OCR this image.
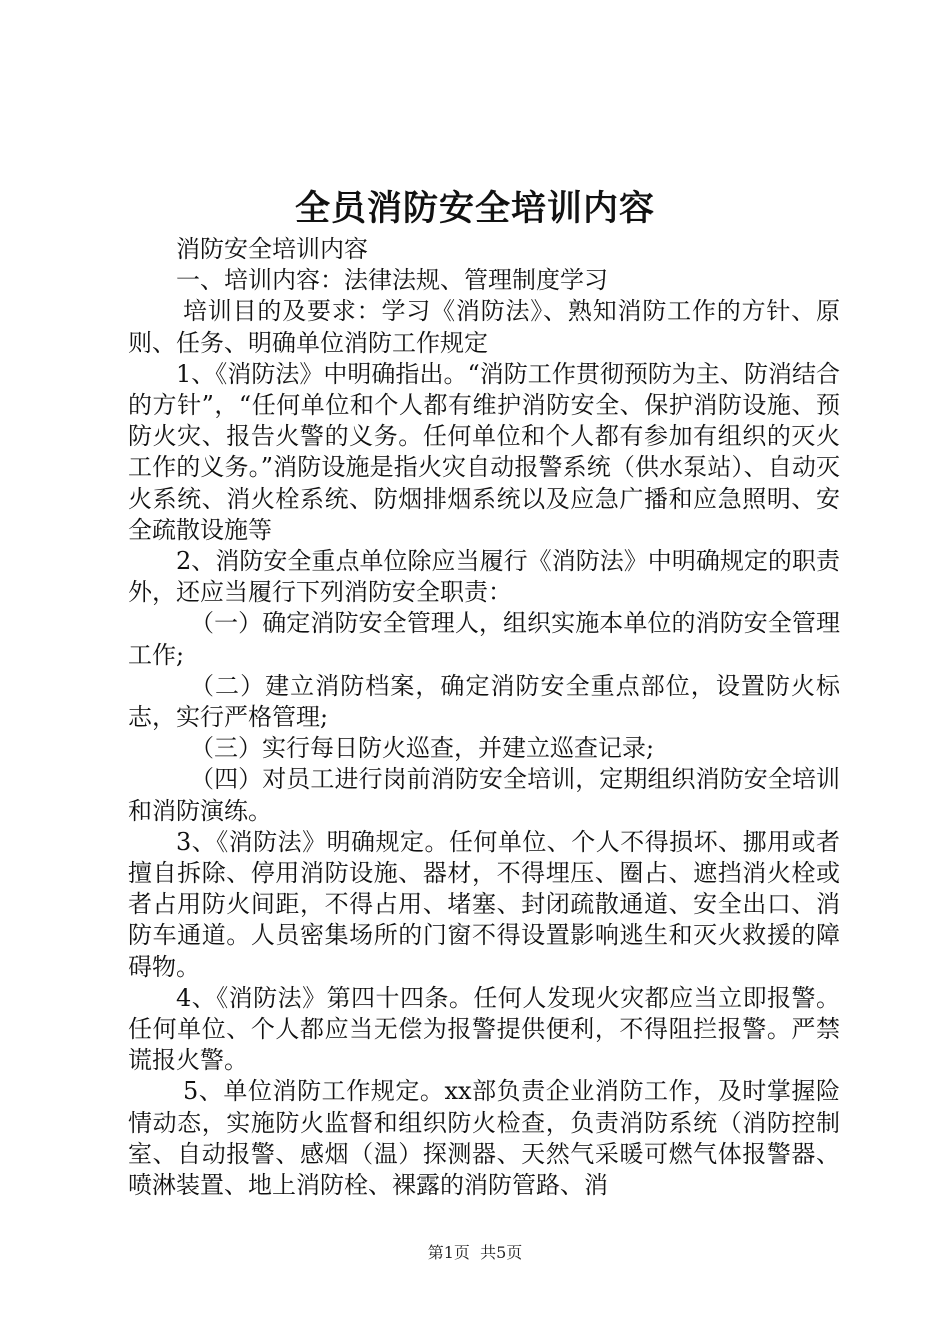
全员消防安全培训内容

消防安全培训内容

一、培训内容：法律法规、管理制度学习

培训目的及要求：学习《消防法》、熟知消防工作的方针、原则、任务、明确单位消防工作规定

1、《消防法》中明确指出。“消防工作贯彻预防为主、防消结合的方针”，“任何单位和个人都有维护消防安全、保护消防设施、预防火灾、报告火警的义务。任何单位和个人都有参加有组织的灭火工作的义务。”消防设施是指火灾自动报警系统（供水泵站）、自动灭火系统、消火栓系统、防烟排烟系统以及应急广播和应急照明、安全疏散设施等

2、消防安全重点单位除应当履行《消防法》中明确规定的职责外，还应当履行下列消防安全职责：

（一）确定消防安全管理人，组织实施本单位的消防安全管理工作;

（二）建立消防档案，确定消防安全重点部位，设置防火标志，实行严格管理;

（三）实行每日防火巡查，并建立巡查记录;

（四）对员工进行岗前消防安全培训，定期组织消防安全培训和消防演练。

3、《消防法》明确规定。任何单位、个人不得损坏、挪用或者擅自拆除、停用消防设施、器材，不得埋压、圈占、遮挡消火栓或者占用防火间距，不得占用、堵塞、封闭疏散通道、安全出口、消防车通道。人员密集场所的门窗不得设置影响逃生和灭火救援的障碍物。

4、《消防法》第四十四条。任何人发现火灾都应当立即报警。任何单位、个人都应当无偿为报警提供便利，不得阻拦报警。严禁谎报火警。

5、单位消防工作规定。xx部负责企业消防工作，及时掌握险情动态，实施防火监督和组织防火检查，负责消防系统（消防控制室、自动报警、感烟（温）探测器、天然气采暖可燃气体报警器、喷淋装置、地上消防栓、裸露的消防管路、消

第1页  共5页
